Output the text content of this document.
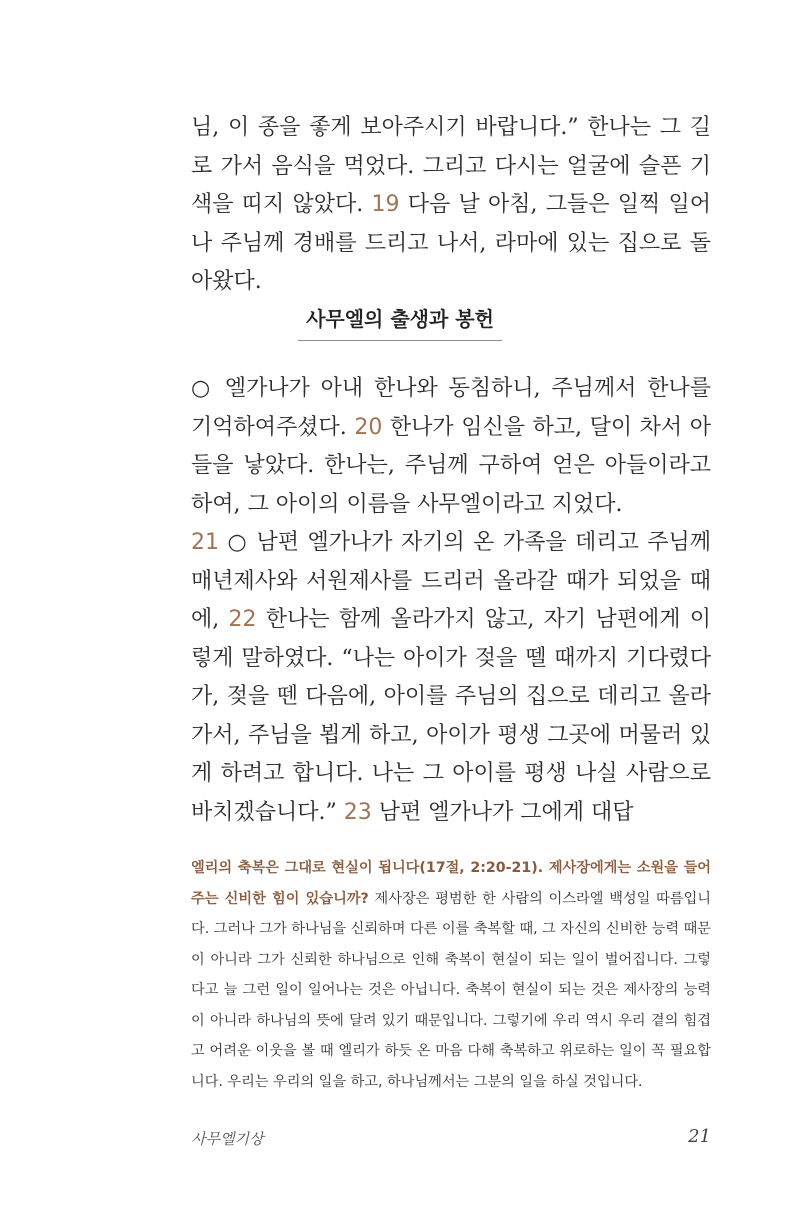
님, 이 종을 좋게 보아주시기 바랍니다.” 한나는 그 길로 가서 음식을 먹었다. 그리고 다시는 얼굴에 슬픈 기색을 띠지 않았다. 19 다음 날 아침, 그들은 일찍 일어나 주님께 경배를 드리고 나서, 라마에 있는 집으로 돌아왔다.

사무엘의 출생과 봉헌

○ 엘가나가 아내 한나와 동침하니, 주님께서 한나를 기억하여주셨다. 20 한나가 임신을 하고, 달이 차서 아들을 낳았다. 한나는, 주님께 구하여 얻은 아들이라고 하여, 그 아이의 이름을 사무엘이라고 지었다.

21 ○ 남편 엘가나가 자기의 온 가족을 데리고 주님께 매년제사와 서원제사를 드리러 올라갈 때가 되었을 때에, 22 한나는 함께 올라가지 않고, 자기 남편에게 이렇게 말하였다. “나는 아이가 젖을 뗄 때까지 기다렸다가, 젖을 뗀 다음에, 아이를 주님의 집으로 데리고 올라가서, 주님을 뵙게 하고, 아이가 평생 그곳에 머물러 있게 하려고 합니다. 나는 그 아이를 평생 나실 사람으로 바치겠습니다.” 23 남편 엘가나가 그에게 대답

엘리의 축복은 그대로 현실이 됩니다(17절, 2:20-21). 제사장에게는 소원을 들어주는 신비한 힘이 있습니까? 제사장은 평범한 한 사람의 이스라엘 백성일 따름입니다. 그러나 그가 하나님을 신뢰하며 다른 이를 축복할 때, 그 자신의 신비한 능력 때문이 아니라 그가 신뢰한 하나님으로 인해 축복이 현실이 되는 일이 벌어집니다. 그렇다고 늘 그런 일이 일어나는 것은 아닙니다. 축복이 현실이 되는 것은 제사장의 능력이 아니라 하나님의 뜻에 달려 있기 때문입니다. 그렇기에 우리 역시 우리 곁의 힘겹고 어려운 이웃을 볼 때 엘리가 하듯 온 마음 다해 축복하고 위로하는 일이 꼭 필요합니다. 우리는 우리의 일을 하고, 하나님께서는 그분의 일을 하실 것입니다.
사무엘기상	21
